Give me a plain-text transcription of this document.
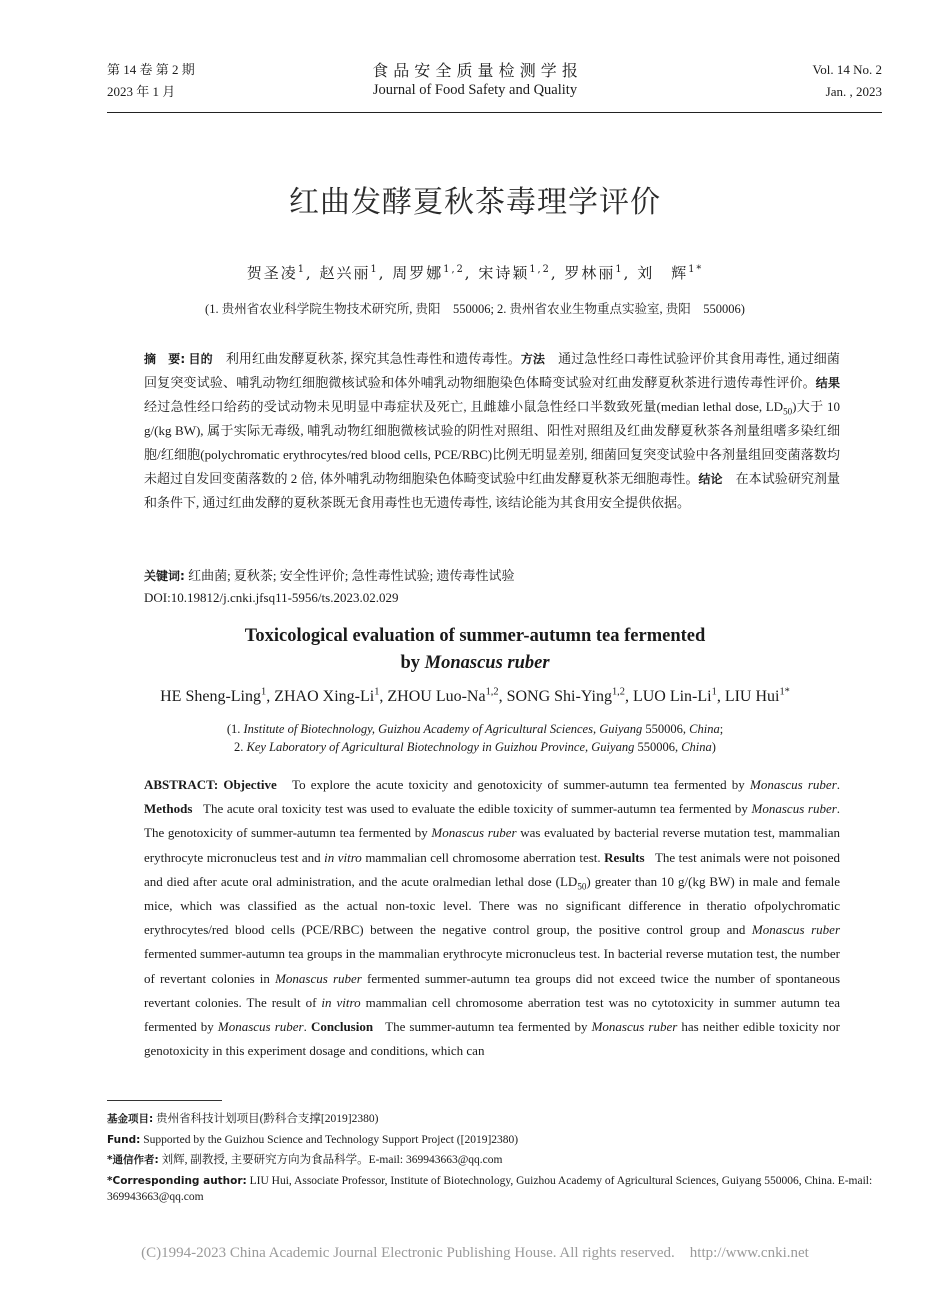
第 14 卷 第 2 期
2023 年 1 月
食 品 安 全 质 量 检 测 学 报
Journal of Food Safety and Quality
Vol. 14 No. 2
Jan. , 2023
红曲发酵夏秋茶毒理学评价
贺圣凌$^1$, 赵兴丽$^1$, 周罗娜$^{1,2}$, 宋诗颖$^{1,2}$, 罗林丽$^1$, 刘　辉$^{1*}$
(1. 贵州省农业科学院生物技术研究所, 贵阳　550006; 2. 贵州省农业生物重点实验室, 贵阳　550006)
摘　要: 目的　 利用红曲发酵夏秋茶, 探究其急性毒性和遗传毒性。方法　 通过急性经口毒性试验评价其食用毒性, 通过细菌回复突变试验、哺乳动物红细胞微核试验和体外哺乳动物细胞染色体畸变试验对红曲发酵夏秋茶进行遗传毒性评价。结果　经过急性经口给药的受试动物未见明显中毒症状及死亡, 且雌雄小鼠急性经口半数致死量(median lethal dose, $LD_{50}$)大于 10 g/(kg BW), 属于实际无毒级, 哺乳动物红细胞微核试验的阴性对照组、阳性对照组及红曲发酵夏秋茶各剂量组嗜多染红细胞/红细胞(polychromatic erythrocytes/red blood cells, PCE/RBC)比例无明显差别, 细菌回复突变试验中各剂量组回变菌落数均未超过自发回变菌落数的 2 倍, 体外哺乳动物细胞染色体畸变试验中红曲发酵夏秋茶无细胞毒性。结论　 在本试验研究剂量和条件下, 通过红曲发酵的夏秋茶既无食用毒性也无遗传毒性, 该结论能为其食用安全提供依据。
关键词: 红曲菌; 夏秋茶; 安全性评价; 急性毒性试验; 遗传毒性试验
DOI:10.19812/j.cnki.jfsq11-5956/ts.2023.02.029
Toxicological evaluation of summer-autumn tea fermented
by Monascus ruber
HE Sheng-Ling$^1$, ZHAO Xing-Li$^1$, ZHOU Luo-Na$^{1,2}$, SONG Shi-Ying$^{1,2}$, LUO Lin-Li$^1$, LIU Hui$^{1*}$
(1. Institute of Biotechnology, Guizhou Academy of Agricultural Sciences, Guiyang 550006, China;
2. Key Laboratory of Agricultural Biotechnology in Guizhou Province, Guiyang 550006, China)
ABSTRACT: Objective To explore the acute toxicity and genotoxicity of summer-autumn tea fermented by Monascus ruber. Methods The acute oral toxicity test was used to evaluate the edible toxicity of summer-autumn tea fermented by Monascus ruber. The genotoxicity of summer-autumn tea fermented by Monascus ruber was evaluated by bacterial reverse mutation test, mammalian erythrocyte micronucleus test and in vitro mammalian cell chromosome aberration test. Results The test animals were not poisoned and died after acute oral administration, and the acute oralmedian lethal dose $(LD_{50})$ greater than 10 g/(kg BW) in male and female mice, which was classified as the actual non-toxic level. There was no significant difference in theratio ofpolychromatic erythrocytes/red blood cells (PCE/RBC) between the negative control group, the positive control group and Monascus ruber fermented summer-autumn tea groups in the mammalian erythrocyte micronucleus test. In bacterial reverse mutation test, the number of revertant colonies in Monascus ruber fermented summer-autumn tea groups did not exceed twice the number of spontaneous revertant colonies. The result of in vitro mammalian cell chromosome aberration test was no cytotoxicity in summer autumn tea fermented by Monascus ruber. Conclusion The summer-autumn tea fermented by Monascus ruber has neither edible toxicity nor genotoxicity in this experiment dosage and conditions, which can
基金项目: 贵州省科技计划项目(黔科合支撑[2019]2380)
Fund: Supported by the Guizhou Science and Technology Support Project ([2019]2380)
*通信作者: 刘辉, 副教授, 主要研究方向为食品科学。E-mail: 369943663@qq.com
*Corresponding author: LIU Hui, Associate Professor, Institute of Biotechnology, Guizhou Academy of Agricultural Sciences, Guiyang 550006, China. E-mail: 369943663@qq.com
(C)1994-2023 China Academic Journal Electronic Publishing House. All rights reserved.　http://www.cnki.net
